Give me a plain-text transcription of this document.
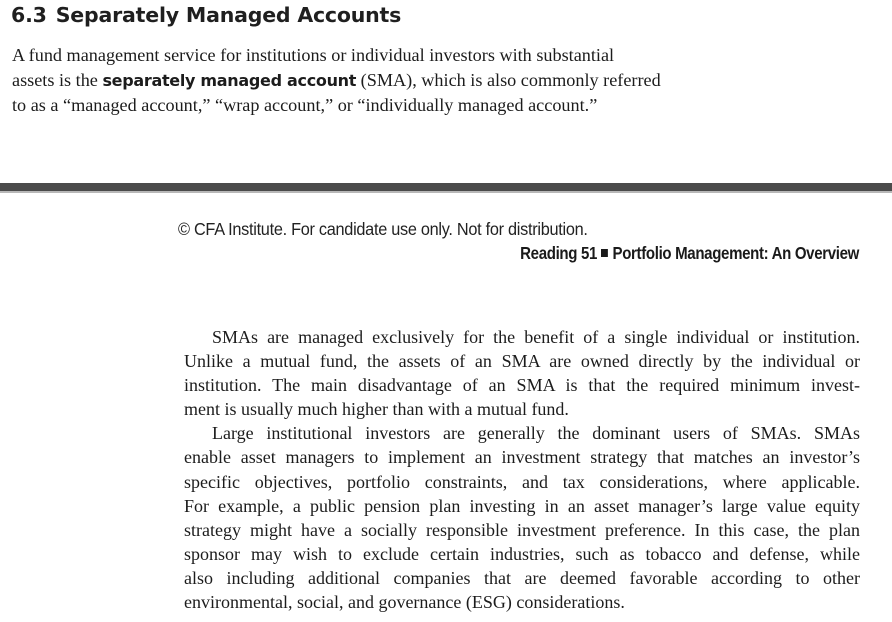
6.3 Separately Managed Accounts

A fund management service for institutions or individual investors with substantial
assets is the separately managed account (SMA), which is also commonly referred
to as a “managed account,” “wrap account,” or “individually managed account.”

© CFA Institute. For candidate use only. Not for distribution.
Reading 51 Portfolio Management: An Overview

SMAs are managed exclusively for the benefit of a single individual or institution.
Unlike a mutual fund, the assets of an SMA are owned directly by the individual or
institution. The main disadvantage of an SMA is that the required minimum invest-
ment is usually much higher than with a mutual fund.

Large institutional investors are generally the dominant users of SMAs. SMAs
enable asset managers to implement an investment strategy that matches an investor’s
specific objectives, portfolio constraints, and tax considerations, where applicable.
For example, a public pension plan investing in an asset manager’s large value equity
strategy might have a socially responsible investment preference. In this case, the plan
sponsor may wish to exclude certain industries, such as tobacco and defense, while
also including additional companies that are deemed favorable according to other
environmental, social, and governance (ESG) considerations.
